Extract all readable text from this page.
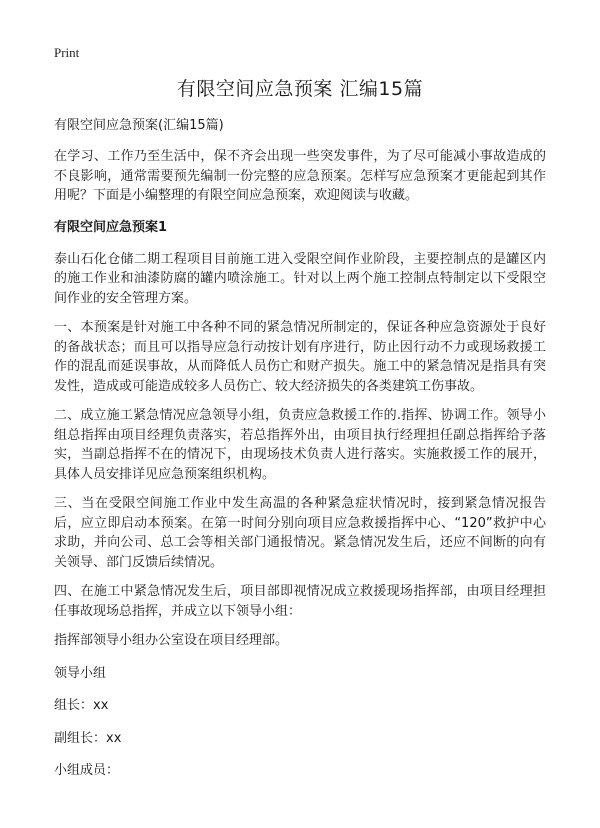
Print
有限空间应急预案 汇编15篇
有限空间应急预案(汇编15篇)

在学习、工作乃至生活中，保不齐会出现一些突发事件，为了尽可能减小事故造成的不良影响，通常需要预先编制一份完整的应急预案。怎样写应急预案才更能起到其作用呢？下面是小编整理的有限空间应急预案，欢迎阅读与收藏。

有限空间应急预案1

泰山石化仓储二期工程项目目前施工进入受限空间作业阶段，主要控制点的是罐区内的施工作业和油漆防腐的罐内喷涂施工。针对以上两个施工控制点特制定以下受限空间作业的安全管理方案。

一、本预案是针对施工中各种不同的紧急情况所制定的，保证各种应急资源处于良好的备战状态；而且可以指导应急行动按计划有序进行，防止因行动不力或现场救援工作的混乱而延误事故，从而降低人员伤亡和财产损失。施工中的紧急情况是指具有突发性，造成或可能造成较多人员伤亡、较大经济损失的各类建筑工伤事故。

二、成立施工紧急情况应急领导小组，负责应急救援工作的.指挥、协调工作。领导小组总指挥由项目经理负责落实，若总指挥外出，由项目执行经理担任副总指挥给予落实，当副总指挥不在的情况下，由现场技术负责人进行落实。实施救援工作的展开，具体人员安排详见应急预案组织机构。

三、当在受限空间施工作业中发生高温的各种紧急症状情况时，接到紧急情况报告后，应立即启动本预案。在第一时间分别向项目应急救援指挥中心、“120”救护中心求助，并向公司、总工会等相关部门通报情况。紧急情况发生后，还应不间断的向有关领导、部门反馈后续情况。

四、在施工中紧急情况发生后，项目部即视情况成立救援现场指挥部，由项目经理担任事故现场总指挥，并成立以下领导小组：

指挥部领导小组办公室设在项目经理部。
领导小组
组长：xx
副组长：xx
小组成员：
